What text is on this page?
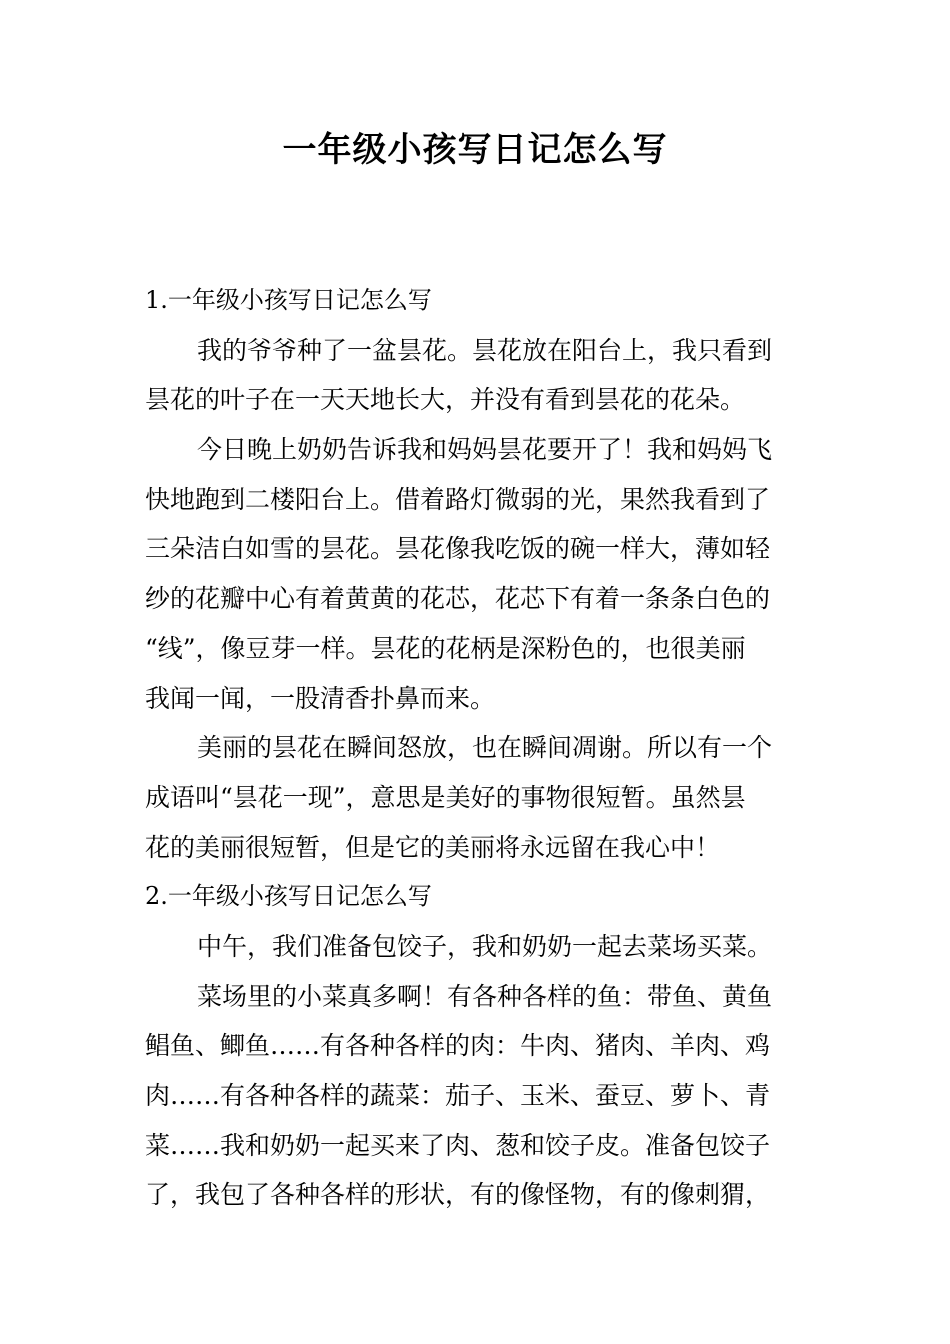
一年级小孩写日记怎么写
1.一年级小孩写日记怎么写
我的爷爷种了一盆昙花。昙花放在阳台上，我只看到
昙花的叶子在一天天地长大，并没有看到昙花的花朵。
今日晚上奶奶告诉我和妈妈昙花要开了！我和妈妈飞
快地跑到二楼阳台上。借着路灯微弱的光，果然我看到了
三朵洁白如雪的昙花。昙花像我吃饭的碗一样大，薄如轻
纱的花瓣中心有着黄黄的花芯，花芯下有着一条条白色的
“线”，像豆芽一样。昙花的花柄是深粉色的，也很美丽
我闻一闻，一股清香扑鼻而来。
美丽的昙花在瞬间怒放，也在瞬间凋谢。所以有一个
成语叫“昙花一现”，意思是美好的事物很短暂。虽然昙
花的美丽很短暂，但是它的美丽将永远留在我心中！
2.一年级小孩写日记怎么写
中午，我们准备包饺子，我和奶奶一起去菜场买菜。
菜场里的小菜真多啊！有各种各样的鱼：带鱼、黄鱼
鲳鱼、鲫鱼……有各种各样的肉：牛肉、猪肉、羊肉、鸡
肉……有各种各样的蔬菜：茄子、玉米、蚕豆、萝卜、青
菜……我和奶奶一起买来了肉、葱和饺子皮。准备包饺子
了，我包了各种各样的形状，有的像怪物，有的像刺猬，
